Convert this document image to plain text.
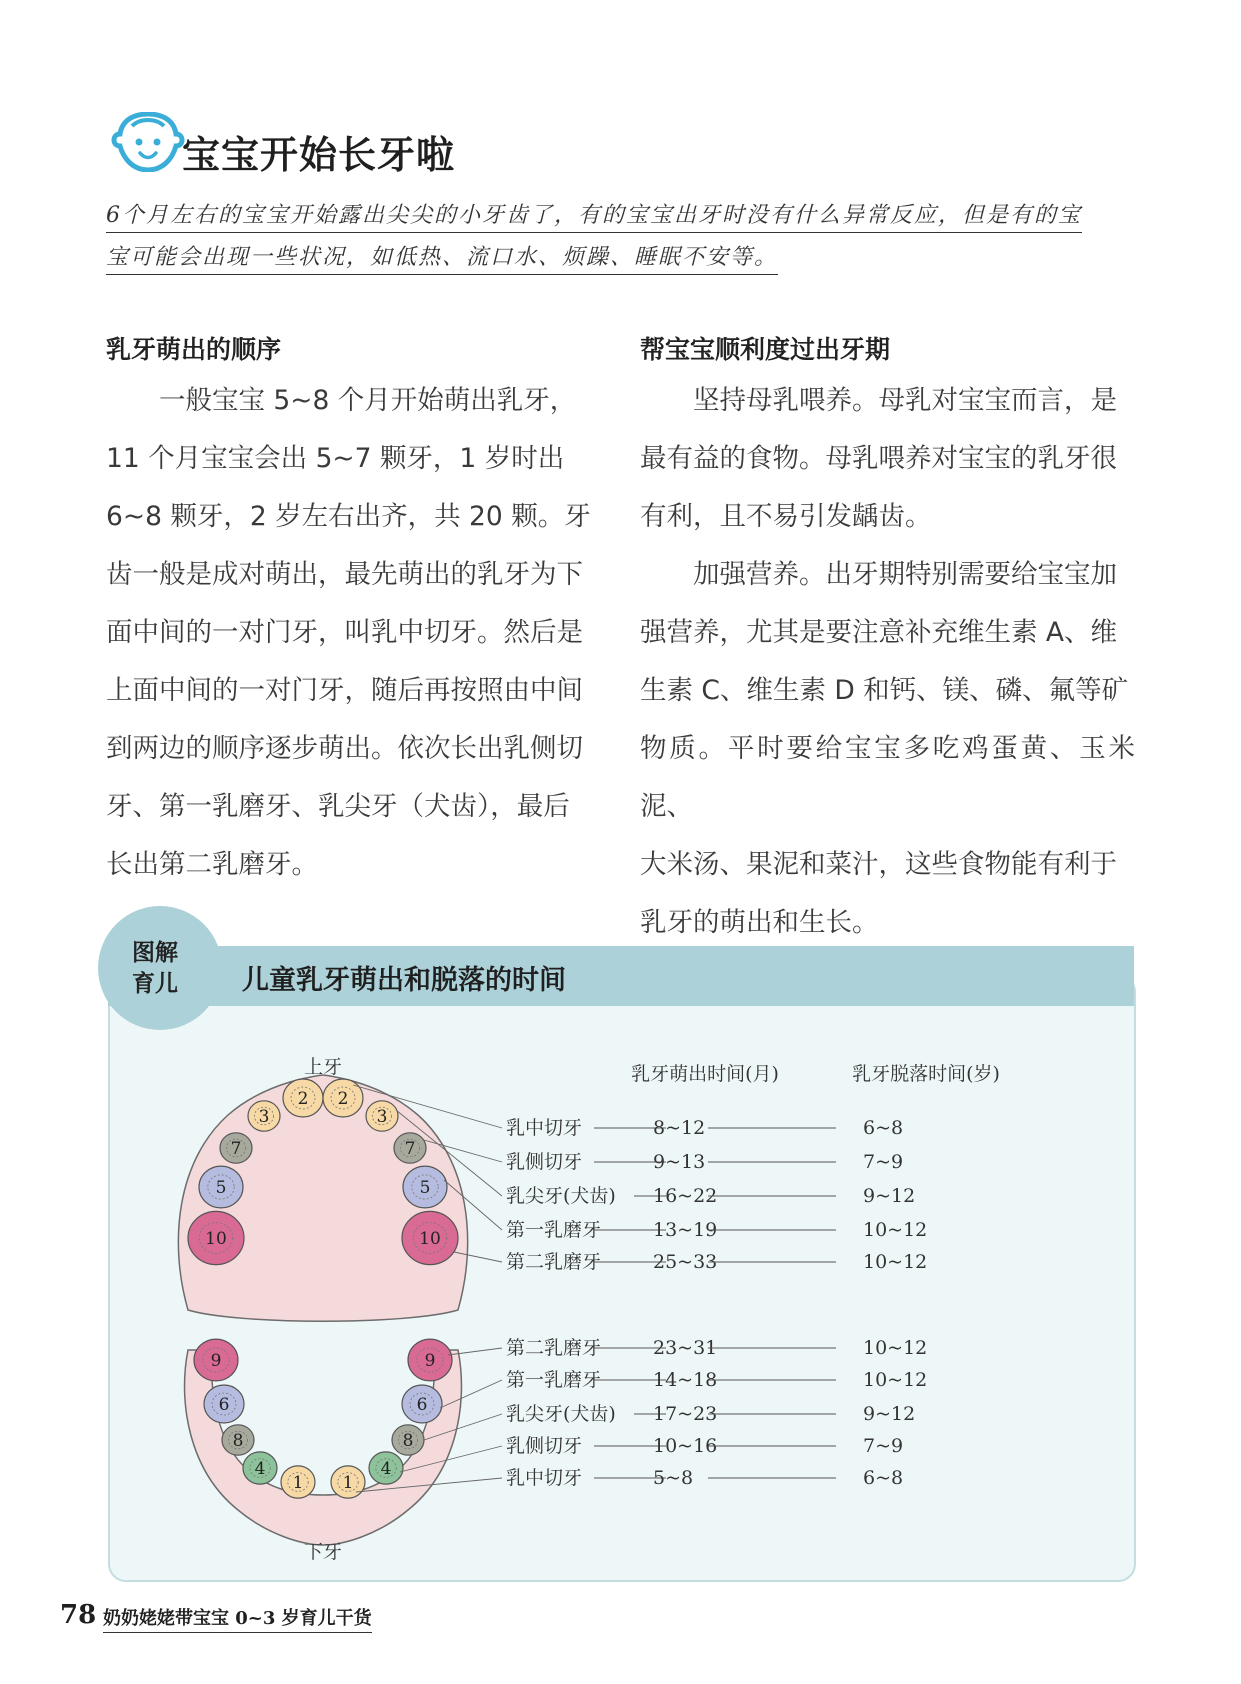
宝宝开始长牙啦
6个月左右的宝宝开始露出尖尖的小牙齿了，有的宝宝出牙时没有什么异常反应，但是有的宝
宝可能会出现一些状况，如低热、流口水、烦躁、睡眠不安等。
乳牙萌出的顺序
一般宝宝 5~8 个月开始萌出乳牙，
11 个月宝宝会出 5~7 颗牙，1 岁时出
6~8 颗牙，2 岁左右出齐，共 20 颗。牙
齿一般是成对萌出，最先萌出的乳牙为下
面中间的一对门牙，叫乳中切牙。然后是
上面中间的一对门牙，随后再按照由中间
到两边的顺序逐步萌出。依次长出乳侧切
牙、第一乳磨牙、乳尖牙（犬齿），最后
长出第二乳磨牙。
帮宝宝顺利度过出牙期
坚持母乳喂养。母乳对宝宝而言，是
最有益的食物。母乳喂养对宝宝的乳牙很
有利，且不易引发龋齿。
加强营养。出牙期特别需要给宝宝加
强营养，尤其是要注意补充维生素 A、维
生素 C、维生素 D 和钙、镁、磷、氟等矿
物质。平时要给宝宝多吃鸡蛋黄、玉米泥、
大米汤、果泥和菜汁，这些食物能有利于
乳牙的萌出和生长。
图解
育儿 儿童乳牙萌出和脱落的时间
上牙
下牙
乳牙萌出时间(月)	乳牙脱落时间(岁)
2 2
3	3
7	7
5	5
10	10
9	9
6	6
8	8
4	4
1 1
乳中切牙	8~12	6~8
乳侧切牙	9~13	7~9
乳尖牙(犬齿) 16~22	9~12
第一乳磨牙	13~19	10~12
第二乳磨牙	25~33	10~12
第二乳磨牙	23~31	10~12
第一乳磨牙	14~18	10~12
乳尖牙(犬齿) 17~23	9~12
乳侧切牙	10~16	7~9
乳中切牙	5~8	6~8
78 奶奶姥姥带宝宝 0~3 岁育儿干货
